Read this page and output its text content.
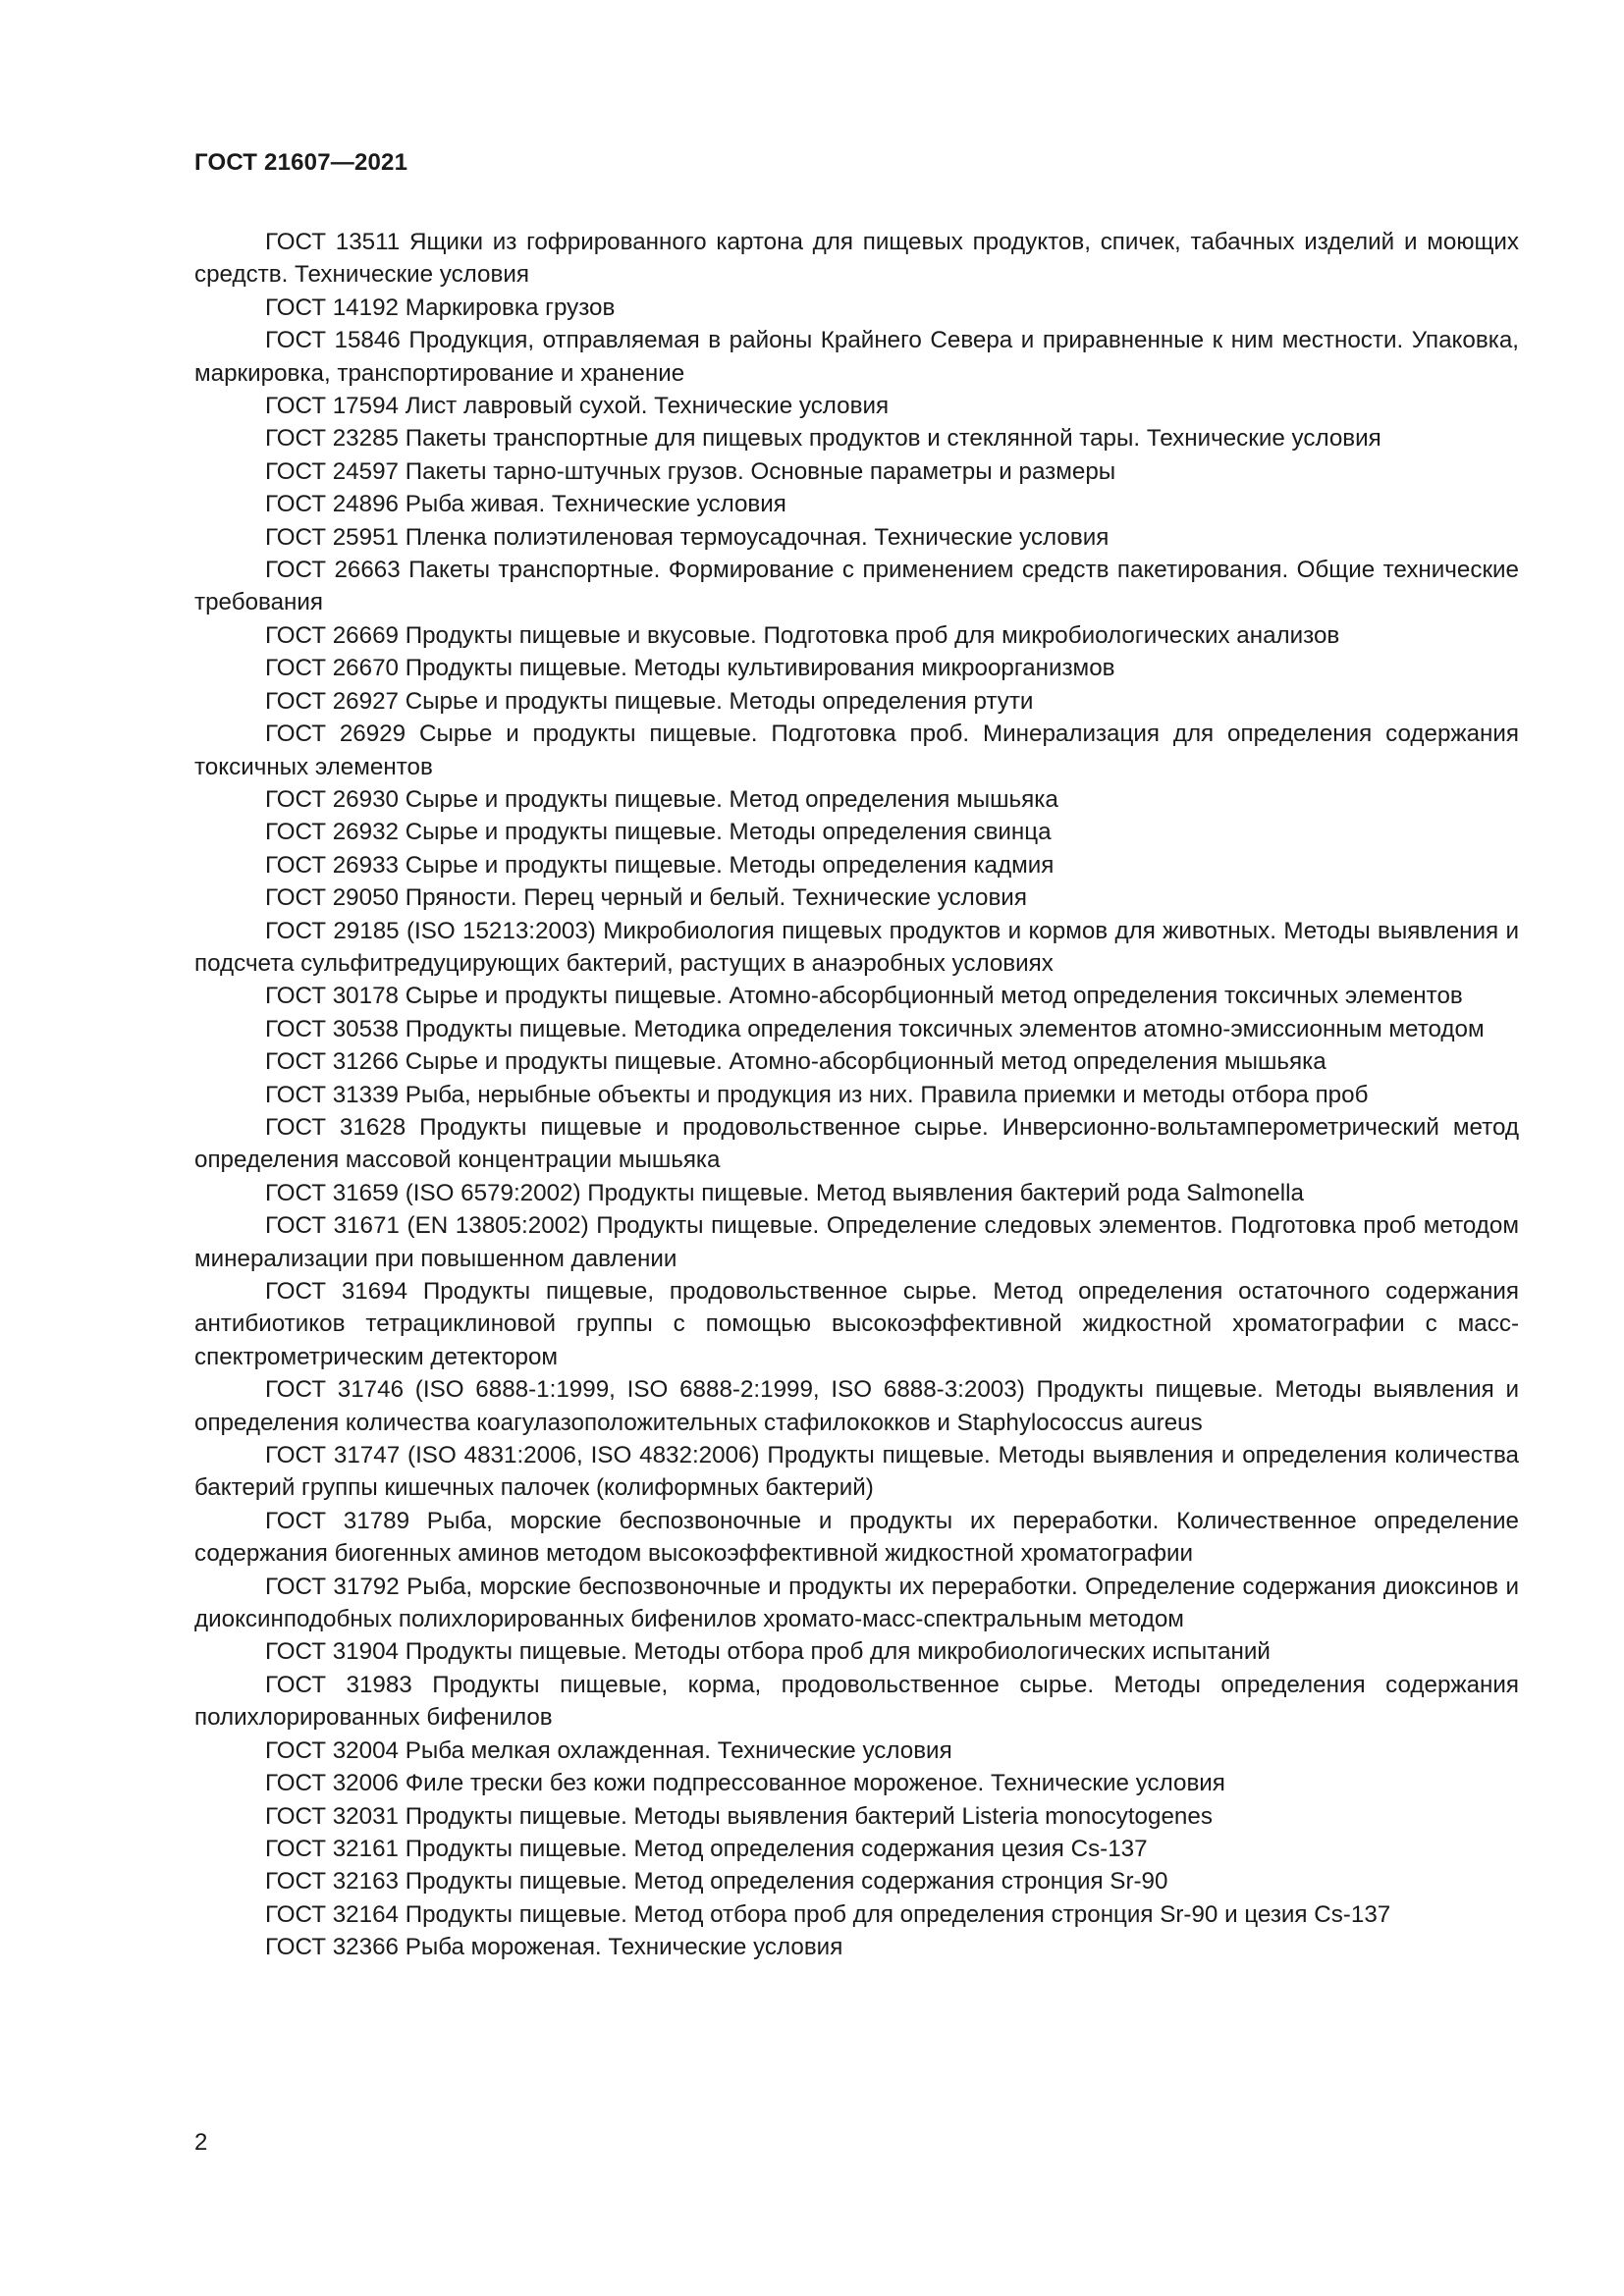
ГОСТ 21607—2021

ГОСТ 13511 Ящики из гофрированного картона для пищевых продуктов, спичек, табачных изделий и моющих средств. Технические условия

ГОСТ 14192 Маркировка грузов

ГОСТ 15846 Продукция, отправляемая в районы Крайнего Севера и приравненные к ним местности. Упаковка, маркировка, транспортирование и хранение

ГОСТ 17594 Лист лавровый сухой. Технические условия

ГОСТ 23285 Пакеты транспортные для пищевых продуктов и стеклянной тары. Технические условия

ГОСТ 24597 Пакеты тарно-штучных грузов. Основные параметры и размеры

ГОСТ 24896 Рыба живая. Технические условия

ГОСТ 25951 Пленка полиэтиленовая термоусадочная. Технические условия

ГОСТ 26663 Пакеты транспортные. Формирование с применением средств пакетирования. Общие технические требования

ГОСТ 26669 Продукты пищевые и вкусовые. Подготовка проб для микробиологических анализов

ГОСТ 26670 Продукты пищевые. Методы культивирования микроорганизмов

ГОСТ 26927 Сырье и продукты пищевые. Методы определения ртути

ГОСТ 26929 Сырье и продукты пищевые. Подготовка проб. Минерализация для определения содержания токсичных элементов

ГОСТ 26930 Сырье и продукты пищевые. Метод определения мышьяка

ГОСТ 26932 Сырье и продукты пищевые. Методы определения свинца

ГОСТ 26933 Сырье и продукты пищевые. Методы определения кадмия

ГОСТ 29050 Пряности. Перец черный и белый. Технические условия

ГОСТ 29185 (ISO 15213:2003) Микробиология пищевых продуктов и кормов для животных. Методы выявления и подсчета сульфитредуцирующих бактерий, растущих в анаэробных условиях

ГОСТ 30178 Сырье и продукты пищевые. Атомно-абсорбционный метод определения токсичных элементов

ГОСТ 30538 Продукты пищевые. Методика определения токсичных элементов атомно-эмиссионным методом

ГОСТ 31266 Сырье и продукты пищевые. Атомно-абсорбционный метод определения мышьяка

ГОСТ 31339 Рыба, нерыбные объекты и продукция из них. Правила приемки и методы отбора проб

ГОСТ 31628 Продукты пищевые и продовольственное сырье. Инверсионно-вольтамперометрический метод определения массовой концентрации мышьяка

ГОСТ 31659 (ISO 6579:2002) Продукты пищевые. Метод выявления бактерий рода Salmonella

ГОСТ 31671 (EN 13805:2002) Продукты пищевые. Определение следовых элементов. Подготовка проб методом минерализации при повышенном давлении

ГОСТ 31694 Продукты пищевые, продовольственное сырье. Метод определения остаточного содержания антибиотиков тетрациклиновой группы с помощью высокоэффективной жидкостной хроматографии с масс-спектрометрическим детектором

ГОСТ 31746 (ISO 6888-1:1999, ISO 6888-2:1999, ISO 6888-3:2003) Продукты пищевые. Методы выявления и определения количества коагулазоположительных стафилококков и Staphylococcus aureus

ГОСТ 31747 (ISO 4831:2006, ISO 4832:2006) Продукты пищевые. Методы выявления и определения количества бактерий группы кишечных палочек (колиформных бактерий)

ГОСТ 31789 Рыба, морские беспозвоночные и продукты их переработки. Количественное определение содержания биогенных аминов методом высокоэффективной жидкостной хроматографии

ГОСТ 31792 Рыба, морские беспозвоночные и продукты их переработки. Определение содержания диоксинов и диоксинподобных полихлорированных бифенилов хромато-масс-спектральным методом

ГОСТ 31904 Продукты пищевые. Методы отбора проб для микробиологических испытаний

ГОСТ 31983 Продукты пищевые, корма, продовольственное сырье. Методы определения содержания полихлорированных бифенилов

ГОСТ 32004 Рыба мелкая охлажденная. Технические условия

ГОСТ 32006 Филе трески без кожи подпрессованное мороженое. Технические условия

ГОСТ 32031 Продукты пищевые. Методы выявления бактерий Listeria monocytogenes

ГОСТ 32161 Продукты пищевые. Метод определения содержания цезия Cs-137

ГОСТ 32163 Продукты пищевые. Метод определения содержания стронция Sr-90

ГОСТ 32164 Продукты пищевые. Метод отбора проб для определения стронция Sr-90 и цезия Cs-137

ГОСТ 32366 Рыба мороженая. Технические условия

2
